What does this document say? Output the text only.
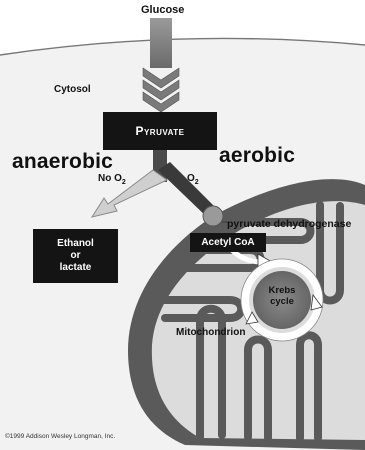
Glucose
Cytosol
Pyruvate
anaerobic	aerobic
No $O_2$	$O_2$
Ethanol
or
lactate
pyruvate dehydrogenase
Acetyl CoA
Krebs
cycle
Mitochondrion
©1999 Addison Wesley Longman, Inc.
